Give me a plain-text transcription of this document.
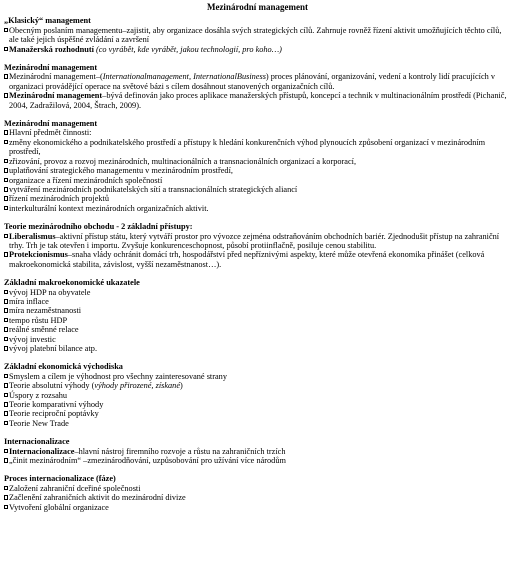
Mezinárodní management
„Klasický“ management
Obecným poslaním managementu–zajistit, aby organizace dosáhla svých strategických cílů. Zahrnuje rovněž řízení aktivit umožňujících těchto cílů, ale také jejich úspěšné zvládání a završení
Manažerská rozhodnutí (co vyrábět, kde vyrábět, jakou technologií, pro koho…)
Mezinárodní management
Mezinárodní management–(Internationalmanagement, InternationalBusiness) proces plánování, organizování, vedení a kontroly lidí pracujících v organizaci provádějící operace na světové bázi s cílem dosáhnout stanovených organizačních cílů.
Mezinárodní management–bývá definován jako proces aplikace manažerských přístupů, koncepcí a technik v multinacionálním prostředí (Pichanič, 2004, Zadražilová, 2004, Štrach, 2009).
Mezinárodní management
Hlavní předmět činnosti:
změny ekonomického a podnikatelského prostředí a přístupy k hledání konkurenčních výhod plynoucích způsobení organizací v mezinárodním prostředí,
zřizování, provoz a rozvoj mezinárodních, multinacionálních a transnacionálních organizací a korporací,
uplatňování strategického managementu v mezinárodním prostředí,
organizace a řízení mezinárodních společností
vytváření mezinárodních podnikatelských sítí a transnacionálních strategických aliancí
řízení mezinárodních projektů
interkulturální kontext mezinárodních organizačních aktivit.
Teorie mezinárodního obchodu - 2 základní přístupy:
Liberalismus–aktivní přístup státu, který vytváří prostor pro vývozce zejména odstraňováním obchodních bariér. Zjednodušit přístup na zahraniční trhy. Trh je tak otevřen i importu. Zvyšuje konkurenceschopnost, působí protiinflačně, posiluje cenou stabilitu.
Protekcionismus–snaha vlády ochránit domácí trh, hospodářství před nepříznivými aspekty, které může otevřená ekonomika přinášet (celková makroekonomická stabilita, závislost, vyšší nezaměstnanost…).
Základní makroekonomické ukazatele
vývoj HDP na obyvatele
míra inflace
míra nezaměstnanosti
tempo růstu HDP
reálné směnné relace
vývoj investic
vývoj platební bilance atp.
Základní ekonomická východiska
Smyslem a cílem je výhodnost pro všechny zainteresované strany
Teorie absolutní výhody (výhody přirozené, získané)
Úspory z rozsahu
Teorie komparativní výhody
Teorie reciproční poptávky
Teorie New Trade
Internacionalizace
Internacionalizace–hlavní nástroj firemního rozvoje a růstu na zahraničních trzích
„činit mezinárodním“ –zmezinárodňování, uzpůsobování pro užívání více národům
Proces internacionalizace (fáze)
Založení zahraniční dceřiné společnosti
Začlenění zahraničních aktivit do mezinárodní divize
Vytvoření globální organizace
